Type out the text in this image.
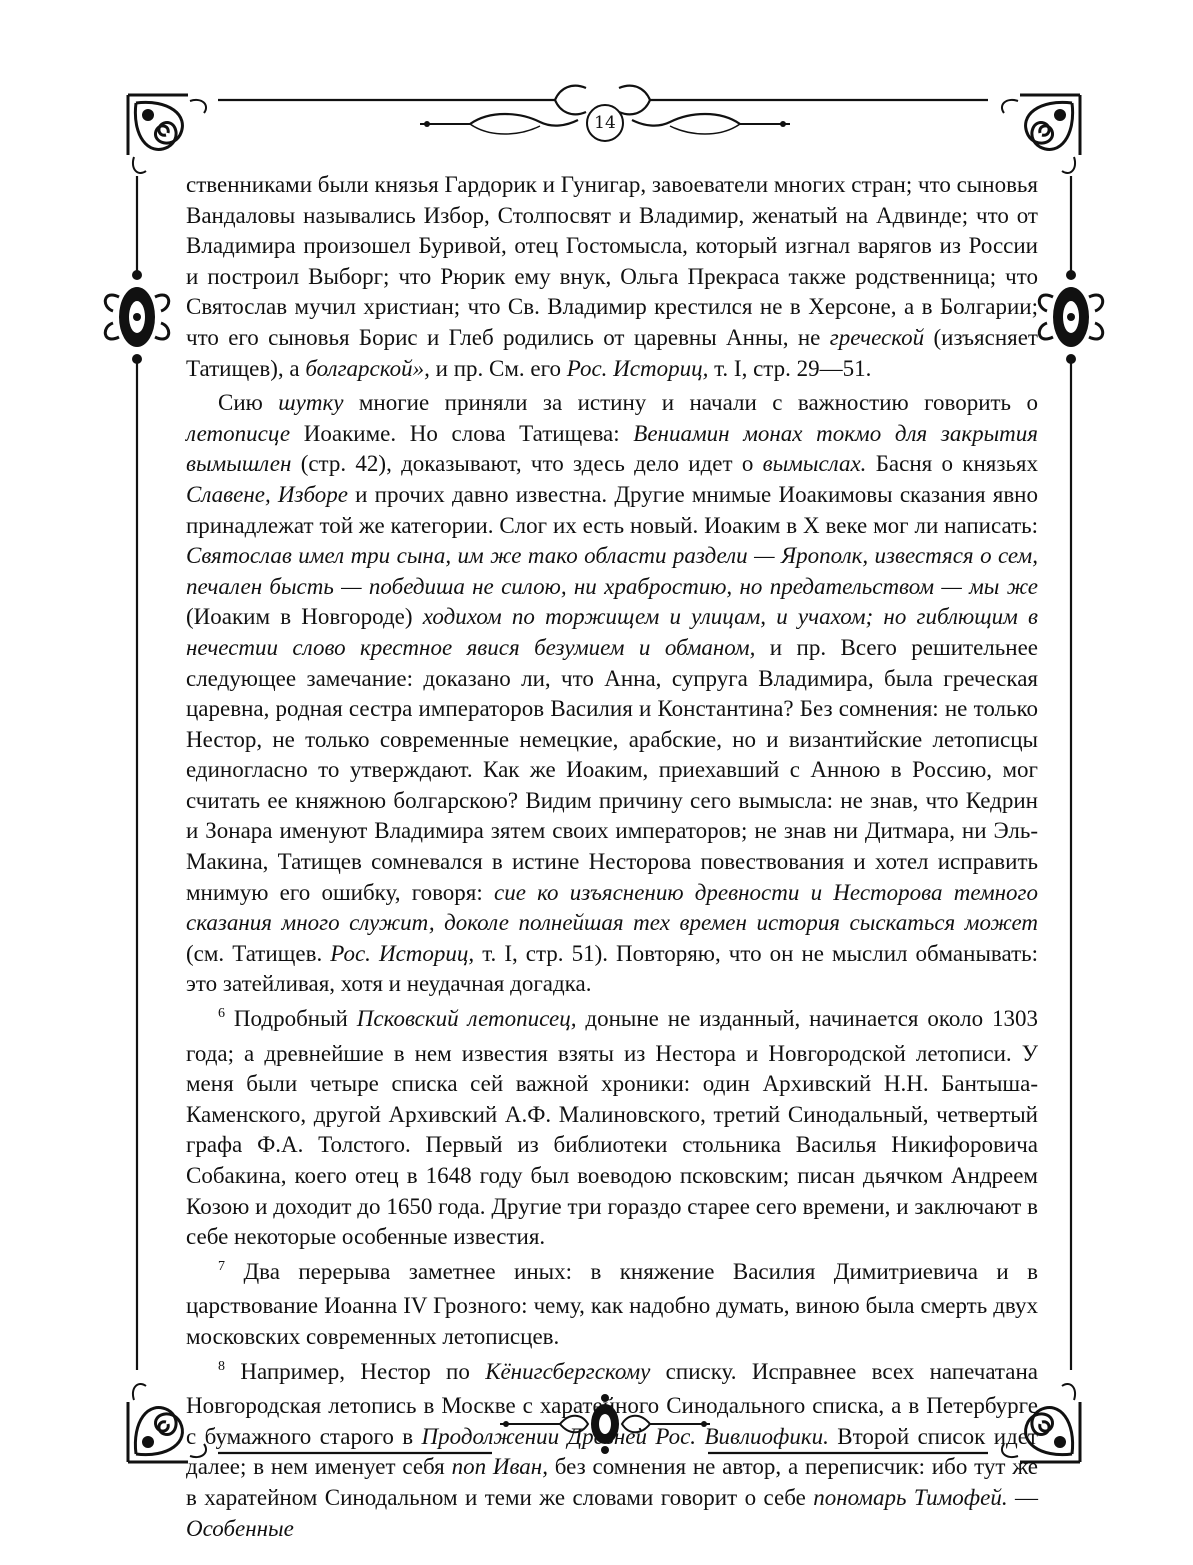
14

ственниками были князья Гардорик и Гунигар, завоеватели многих стран; что сыновья Вандаловы назывались Избор, Столпосвят и Владимир, женатый на Адвинде; что от Владимира произошел Буривой, отец Гостомысла, который изгнал варягов из России и построил Выборг; что Рюрик ему внук, Ольга Прекраса также родственница; что Святослав мучил христиан; что Св. Владимир крестился не в Херсоне, а в Болгарии; что его сыновья Борис и Глеб родились от царевны Анны, не греческой (изъясняет Татищев), а болгарской», и пр. См. его Рос. Историц, т. I, стр. 29—51.

Сию шутку многие приняли за истину и начали с важностию говорить о летописце Иоакиме. Но слова Татищева: Вениамин монах токмо для закрытия вымышлен (стр. 42), доказывают, что здесь дело идет о вымыслах. Басня о князьях Славене, Изборе и прочих давно известна. Другие мнимые Иоакимовы сказания явно принадлежат той же категории. Слог их есть новый. Иоаким в X веке мог ли написать: Святослав имел три сына, им же тако области раздели — Ярополк, известяся о сем, печален бысть — победиша не силою, ни храбростию, но предательством — мы же (Иоаким в Новгороде) ходихом по торжищем и улицам, и учахом; но гиблющим в нечестии слово крестное явися безумием и обманом, и пр. Всего решительнее следующее замечание: доказано ли, что Анна, супруга Владимира, была греческая царевна, родная сестра императоров Василия и Константина? Без сомнения: не только Нестор, не только современные немецкие, арабские, но и византийские летописцы единогласно то утверждают. Как же Иоаким, приехавший с Анною в Россию, мог считать ее княжною болгарскою? Видим причину сего вымысла: не знав, что Кедрин и Зонара именуют Владимира зятем своих императоров; не знав ни Дитмара, ни Эль-Макина, Татищев сомневался в истине Несторова повествования и хотел исправить мнимую его ошибку, говоря: сие ко изъяснению древности и Несторова темного сказания много служит, доколе полнейшая тех времен история сыскаться может (см. Татищев. Рос. Историц, т. I, стр. 51). Повторяю, что он не мыслил обманывать: это затейливая, хотя и неудачная догадка.

$^6$ Подробный Псковский летописец, доныне не изданный, начинается около 1303 года; а древнейшие в нем известия взяты из Нестора и Новгородской летописи. У меня были четыре списка сей важной хроники: один Архивский Н.Н. Бантыша-Каменского, другой Архивский А.Ф. Малиновского, третий Синодальный, четвертый графа Ф.А. Толстого. Первый из библиотеки стольника Василья Никифоровича Собакина, коего отец в 1648 году был воеводою псковским; писан дьячком Андреем Козою и доходит до 1650 года. Другие три гораздо старее сего времени, и заключают в себе некоторые особенные известия.

$^7$ Два перерыва заметнее иных: в княжение Василия Димитриевича и в царствование Иоанна IV Грозного: чему, как надобно думать, виною была смерть двух московских современных летописцев.

$^8$ Например, Нестор по Кёнигсбергскому списку. Исправнее всех напечатана Новгородская летопись в Москве с харатейного Синодального списка, а в Петербурге с бумажного старого в Продолжении Древней Рос. Вивлиофики. Второй список идет далее; в нем именует себя поп Иван, без сомнения не автор, а переписчик: ибо тут же в харатейном Синодальном и теми же словами говорит о себе пономарь Тимофей. — Особенные
